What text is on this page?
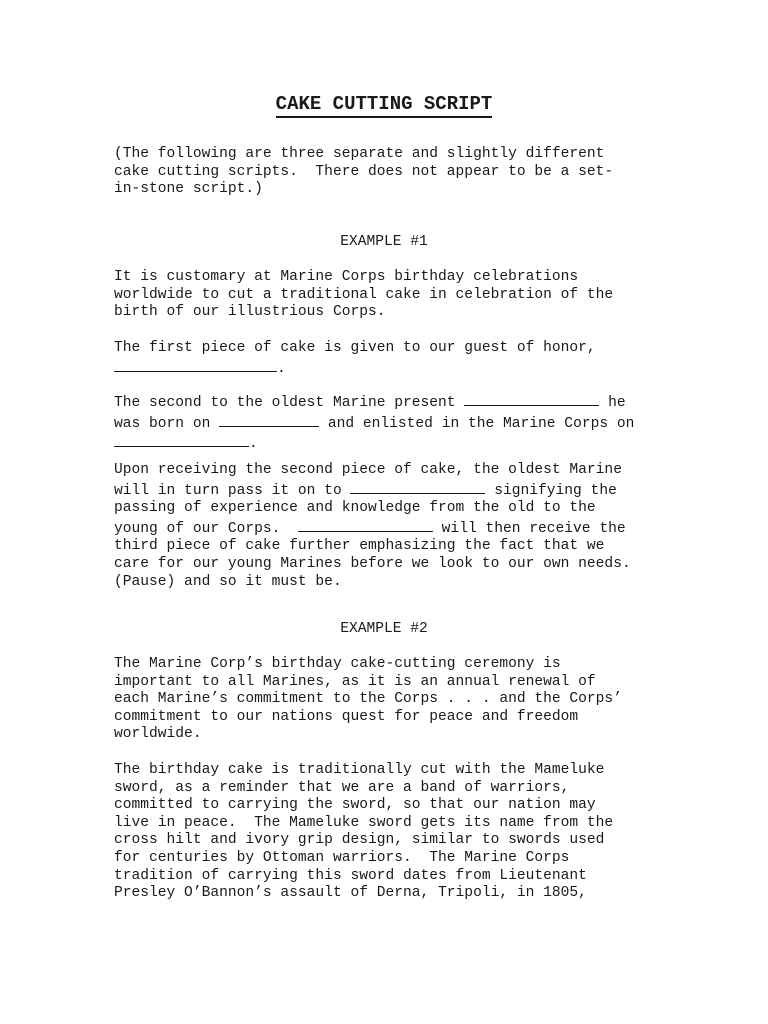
CAKE CUTTING SCRIPT
(The following are three separate and slightly different
cake cutting scripts.  There does not appear to be a set-
in-stone script.)
EXAMPLE #1
It is customary at Marine Corps birthday celebrations
worldwide to cut a traditional cake in celebration of the
birth of our illustrious Corps.
The first piece of cake is given to our guest of honor,
.
The second to the oldest Marine present	he
was born on	and enlisted in the Marine Corps on
.
Upon receiving the second piece of cake, the oldest Marine
will in turn pass it on to	signifying the
passing of experience and knowledge from the old to the
young of our Corps.	will then receive the
third piece of cake further emphasizing the fact that we
care for our young Marines before we look to our own needs.
(Pause) and so it must be.
EXAMPLE #2
The Marine Corp’s birthday cake-cutting ceremony is
important to all Marines, as it is an annual renewal of
each Marine’s commitment to the Corps . . . and the Corps’
commitment to our nations quest for peace and freedom
worldwide.
The birthday cake is traditionally cut with the Mameluke
sword, as a reminder that we are a band of warriors,
committed to carrying the sword, so that our nation may
live in peace.  The Mameluke sword gets its name from the
cross hilt and ivory grip design, similar to swords used
for centuries by Ottoman warriors.  The Marine Corps
tradition of carrying this sword dates from Lieutenant
Presley O’Bannon’s assault of Derna, Tripoli, in 1805,
